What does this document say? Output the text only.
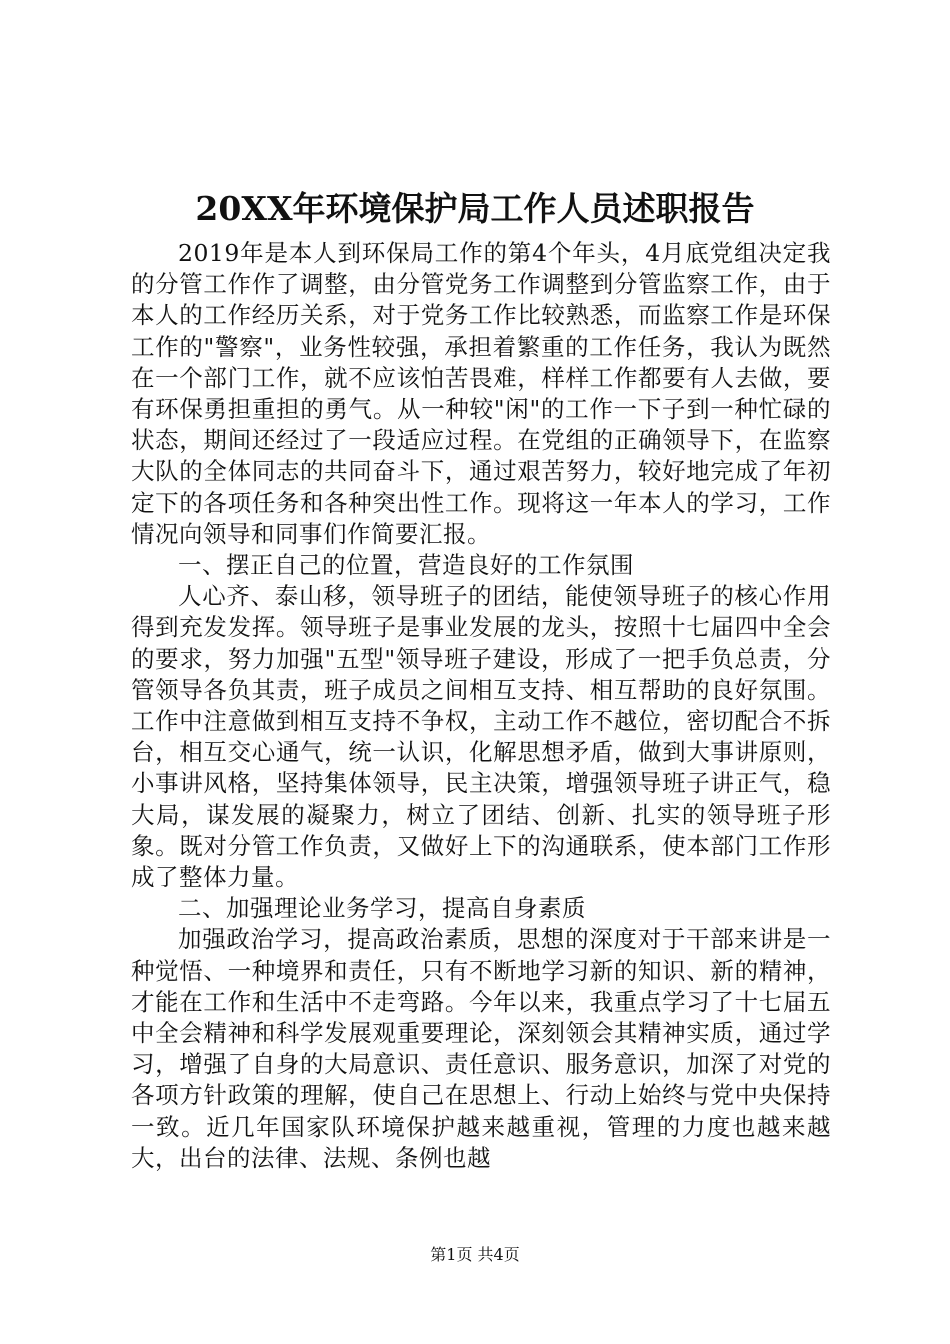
20XX年环境保护局工作人员述职报告

2019年是本人到环保局工作的第4个年头，4月底党组决定我的分管工作作了调整，由分管党务工作调整到分管监察工作，由于本人的工作经历关系，对于党务工作比较熟悉，而监察工作是环保工作的"警察"，业务性较强，承担着繁重的工作任务，我认为既然在一个部门工作，就不应该怕苦畏难，样样工作都要有人去做，要有环保勇担重担的勇气。从一种较"闲"的工作一下子到一种忙碌的状态，期间还经过了一段适应过程。在党组的正确领导下，在监察大队的全体同志的共同奋斗下，通过艰苦努力，较好地完成了年初定下的各项任务和各种突出性工作。现将这一年本人的学习，工作情况向领导和同事们作简要汇报。

一、摆正自己的位置，营造良好的工作氛围

人心齐、泰山移，领导班子的团结，能使领导班子的核心作用得到充发发挥。领导班子是事业发展的龙头，按照十七届四中全会的要求，努力加强"五型"领导班子建设，形成了一把手负总责，分管领导各负其责，班子成员之间相互支持、相互帮助的良好氛围。工作中注意做到相互支持不争权，主动工作不越位，密切配合不拆台，相互交心通气，统一认识，化解思想矛盾，做到大事讲原则，小事讲风格，坚持集体领导，民主决策，增强领导班子讲正气，稳大局，谋发展的凝聚力，树立了团结、创新、扎实的领导班子形象。既对分管工作负责，又做好上下的沟通联系，使本部门工作形成了整体力量。

二、加强理论业务学习，提高自身素质

加强政治学习，提高政治素质，思想的深度对于干部来讲是一种觉悟、一种境界和责任，只有不断地学习新的知识、新的精神，才能在工作和生活中不走弯路。今年以来，我重点学习了十七届五中全会精神和科学发展观重要理论，深刻领会其精神实质，通过学习，增强了自身的大局意识、责任意识、服务意识，加深了对党的各项方针政策的理解，使自己在思想上、行动上始终与党中央保持一致。近几年国家队环境保护越来越重视，管理的力度也越来越大，出台的法律、法规、条例也越

第1页 共4页
